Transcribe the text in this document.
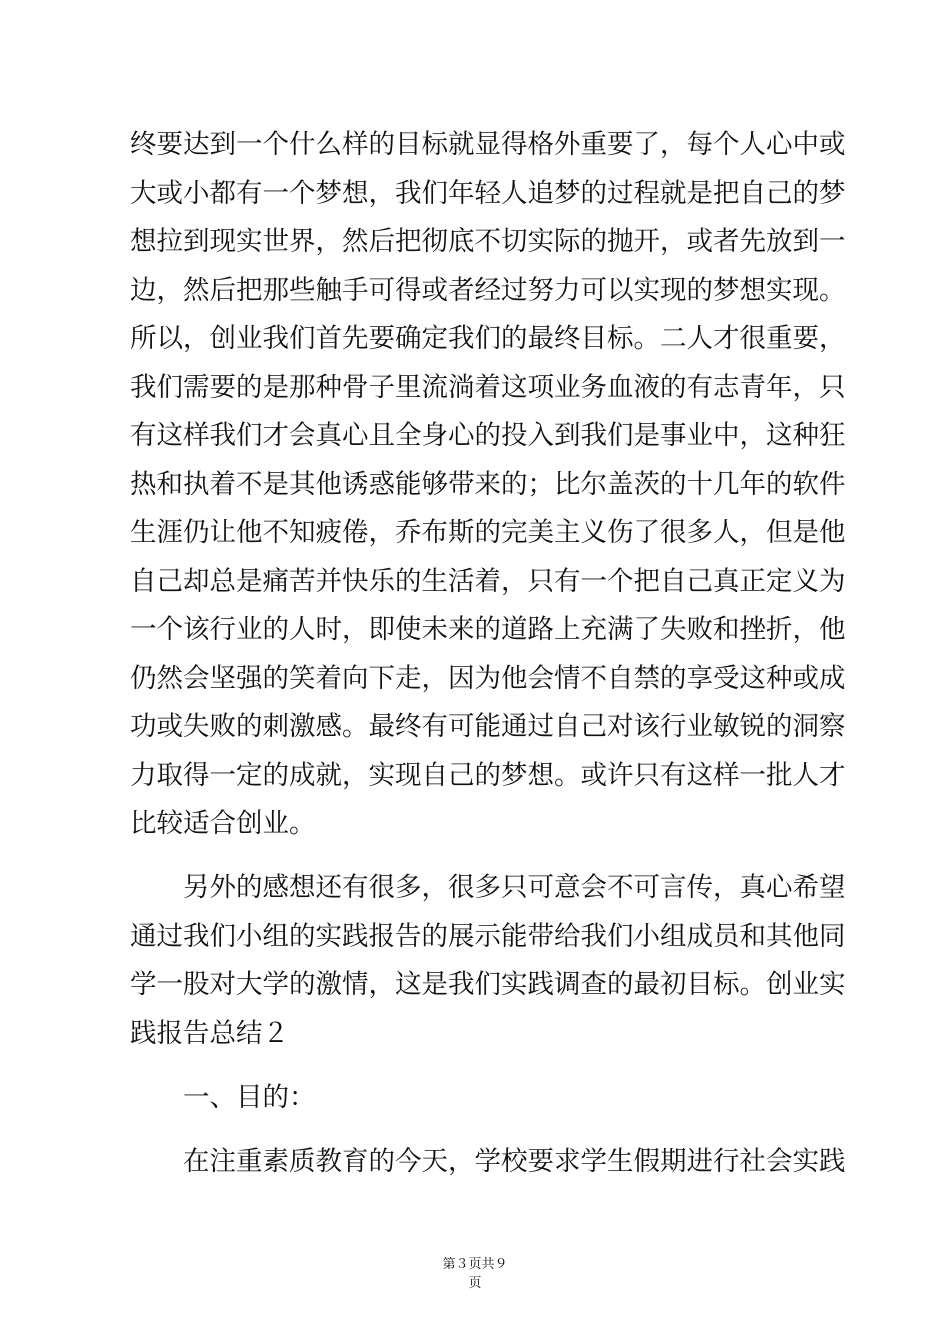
终要达到一个什么样的目标就显得格外重要了，每个人心中或
大或小都有一个梦想，我们年轻人追梦的过程就是把自己的梦
想拉到现实世界，然后把彻底不切实际的抛开，或者先放到一
边，然后把那些触手可得或者经过努力可以实现的梦想实现。
所以，创业我们首先要确定我们的最终目标。二人才很重要，
我们需要的是那种骨子里流淌着这项业务血液的有志青年，只
有这样我们才会真心且全身心的投入到我们是事业中，这种狂
热和执着不是其他诱惑能够带来的；比尔盖茨的十几年的软件
生涯仍让他不知疲倦，乔布斯的完美主义伤了很多人，但是他
自己却总是痛苦并快乐的生活着，只有一个把自己真正定义为
一个该行业的人时，即使未来的道路上充满了失败和挫折，他
仍然会坚强的笑着向下走，因为他会情不自禁的享受这种或成
功或失败的刺激感。最终有可能通过自己对该行业敏锐的洞察
力取得一定的成就，实现自己的梦想。或许只有这样一批人才
比较适合创业。
另外的感想还有很多，很多只可意会不可言传，真心希望
通过我们小组的实践报告的展示能带给我们小组成员和其他同
学一股对大学的激情，这是我们实践调查的最初目标。创业实
践报告总结２
一、目的：
在注重素质教育的今天，学校要求学生假期进行社会实践
第３页共９
页
